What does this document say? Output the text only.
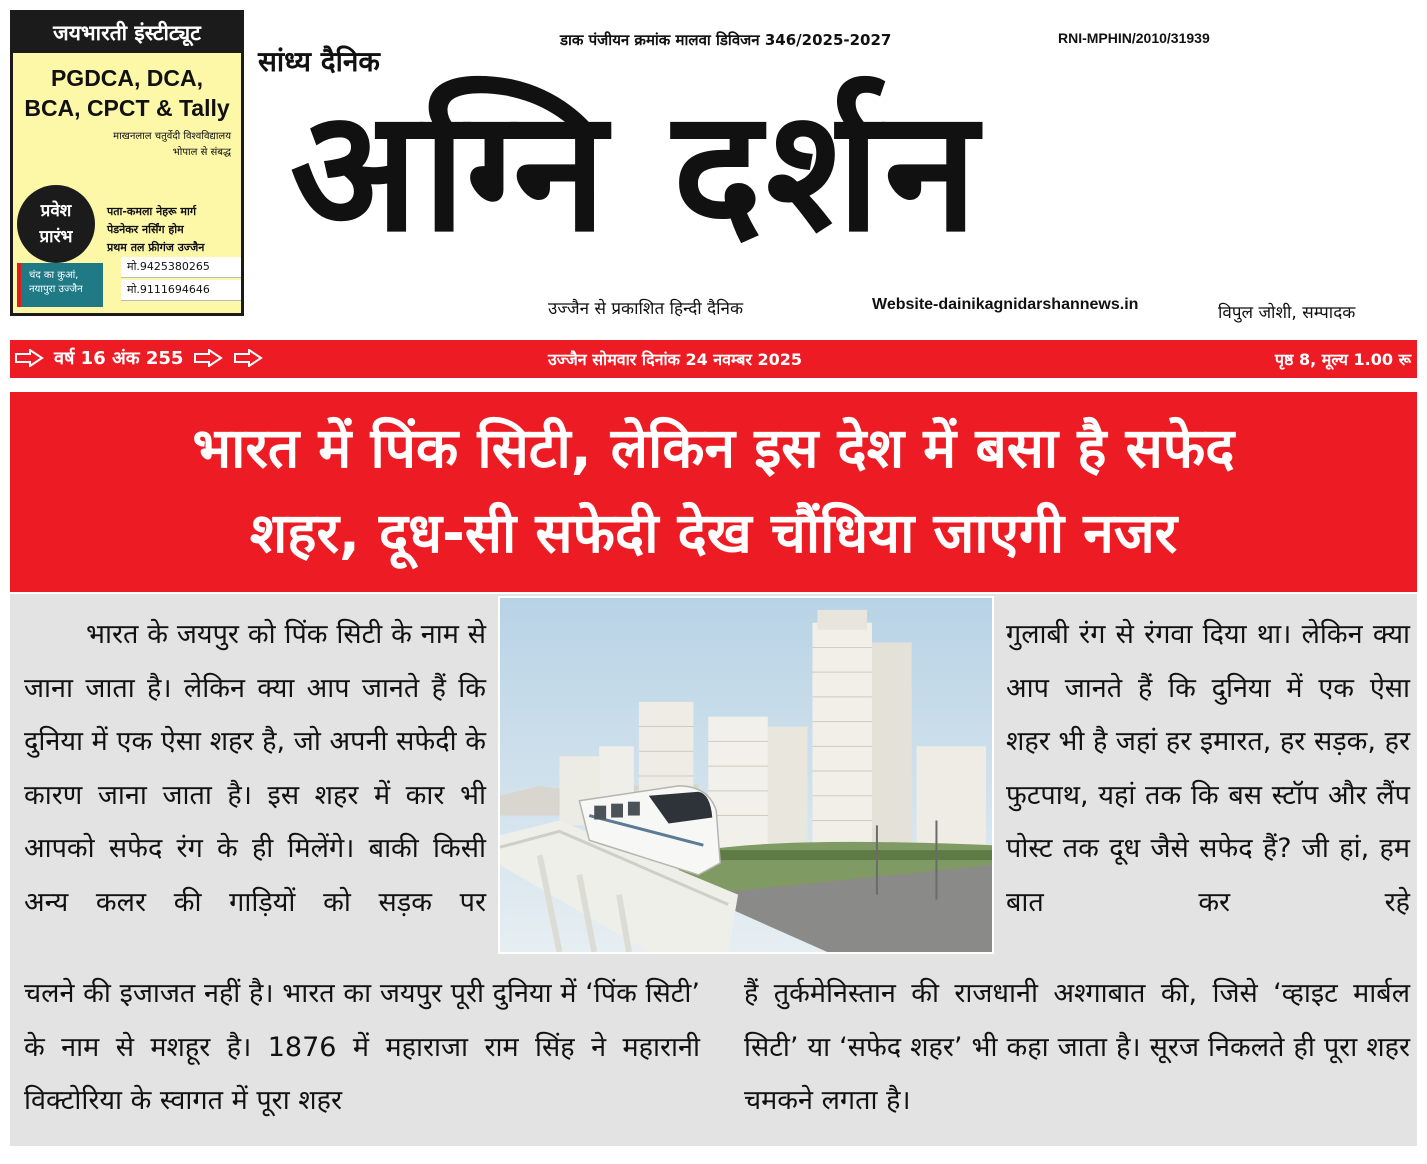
जयभारती इंस्टीट्यूट
PGDCA, DCA,
BCA, CPCT & Tally
माखनलाल चतुर्वेदी विश्वविद्यालय
भोपाल से संबद्ध
प्रवेश
प्रारंभ
पता-कमला नेहरू मार्ग
पेडनेकर नर्सिंग होम
प्रथम तल फ्रीगंज उज्जैन
चंद का कुआं,
नयापुरा उज्जैन
मो.9425380265
मो.9111694646
सांध्य दैनिक
डाक पंजीयन क्रमांक मालवा डिविजन 346/2025-2027	RNI-MPHIN/2010/31939
अग्नि दर्शन
उज्जैन से प्रकाशित हिन्दी दैनिक	Website-dainikagnidarshannews.in	विपुल जोशी, सम्पादक
वर्ष 16 अंक 255	उज्जैन सोमवार दिनांक 24 नवम्बर 2025	पृष्ठ 8, मूल्य 1.00 रू
भारत में पिंक सिटी, लेकिन इस देश में बसा है सफेद
शहर, दूध-सी सफेदी देख चौंधिया जाएगी नजर

भारत के जयपुर को पिंक सिटी के नाम से जाना जाता है। लेकिन क्या आप जानते हैं कि दुनिया में एक ऐसा शहर है, जो अपनी सफेदी के कारण जाना जाता है। इस शहर में कार भी आपको सफेद रंग के ही मिलेंगे। बाकी किसी अन्य कलर की गाड़ियों को सड़क पर

गुलाबी रंग से रंगवा दिया था। लेकिन क्या आप जानते हैं कि दुनिया में एक ऐसा शहर भी है जहां हर इमारत, हर सड़क, हर फुटपाथ, यहां तक कि बस स्टॉप और लैंप पोस्ट तक दूध जैसे सफेद हैं? जी हां, हम बात कर रहे

चलने की इजाजत नहीं है। भारत का जयपुर पूरी दुनिया में ‘पिंक सिटी’ के नाम से मशहूर है। 1876 में महाराजा राम सिंह ने महारानी विक्टोरिया के स्वागत में पूरा शहर

हैं तुर्कमेनिस्तान की राजधानी अश्गाबात की, जिसे ‘व्हाइट मार्बल सिटी’ या ‘सफेद शहर’ भी कहा जाता है। सूरज निकलते ही पूरा शहर चमकने लगता है।
